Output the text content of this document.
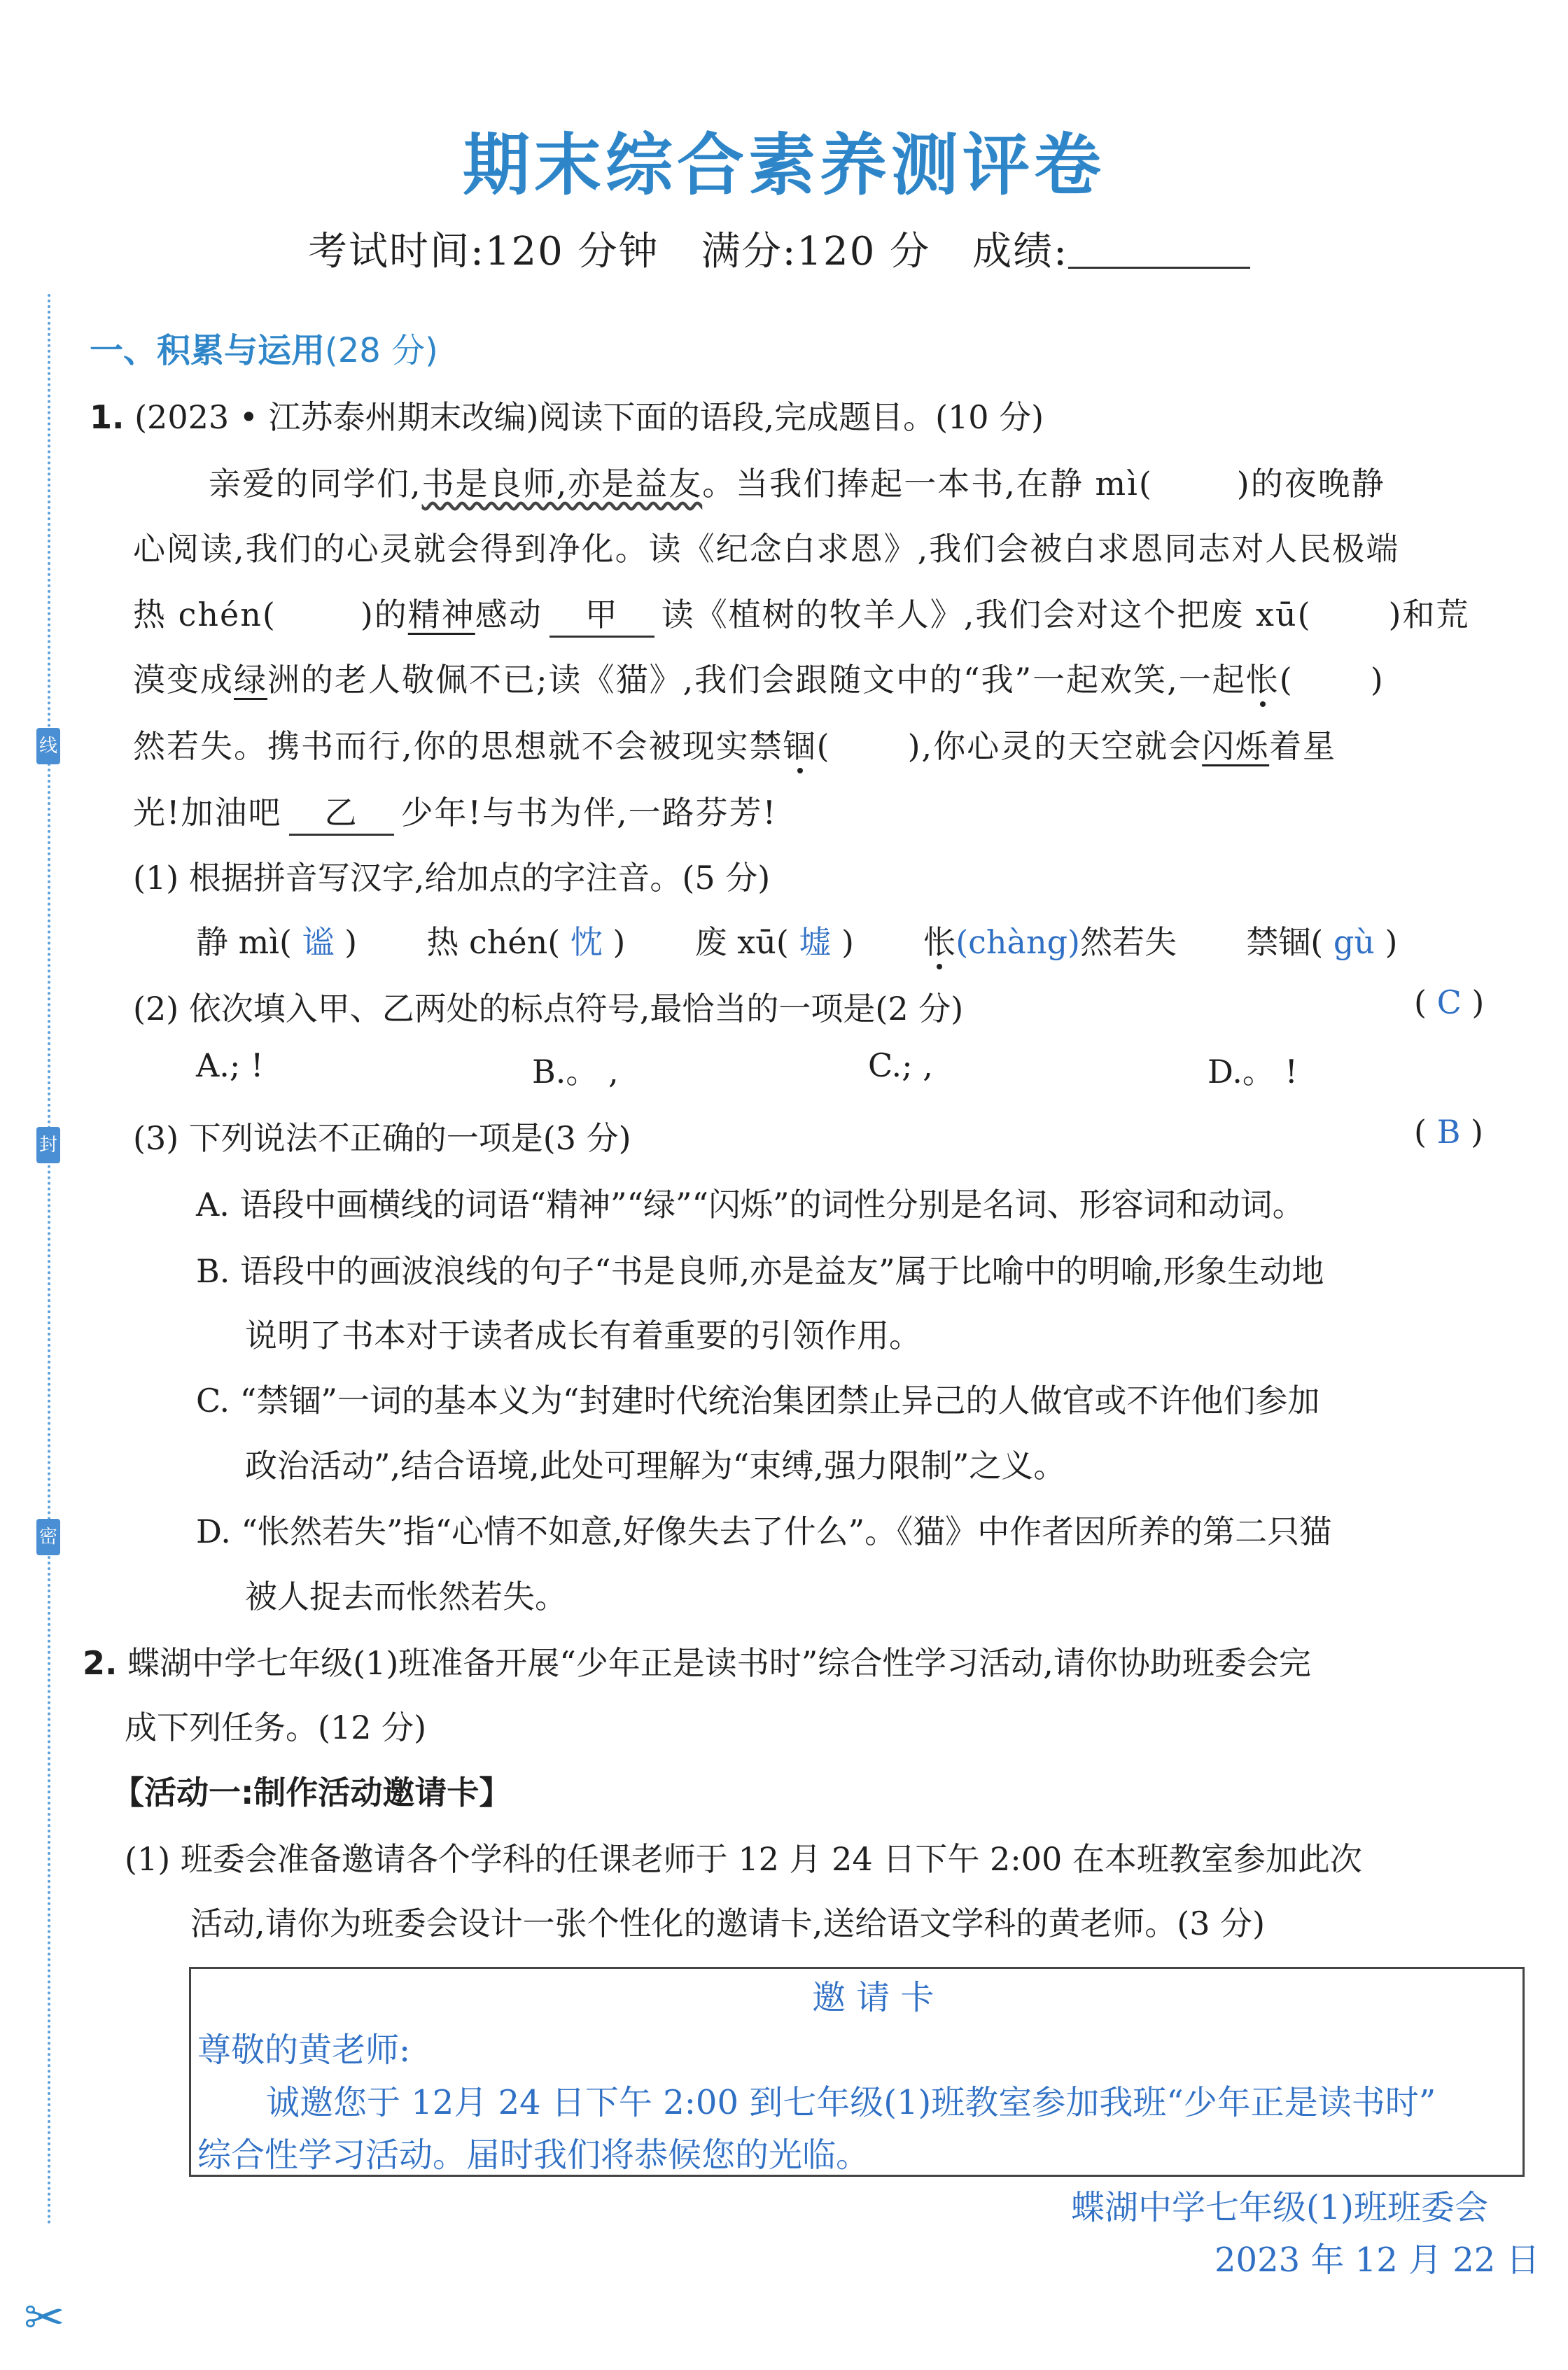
线
封
密
✂
期末综合素养测评卷
考试时间:120 分钟 满分:120 分 成绩:
一、积累与运用(28 分)
1. (2023 • 江苏泰州期末改编)阅读下面的语段,完成题目。(10 分)
亲爱的同学们,书是良师,亦是益友。当我们捧起一本书,在静 mì(	)的夜晚静
心阅读,我们的心灵就会得到净化。读《纪念白求恩》,我们会被白求恩同志对人民极端
热 chén(	)的精神感动 甲 读《植树的牧羊人》,我们会对这个把废 xū( )和荒
漠变成绿洲的老人敬佩不已;读《猫》,我们会跟随文中的“我”一起欢笑,一起怅( )
然若失。携书而行,你的思想就不会被现实禁锢( ),你心灵的天空就会闪烁着星
光!加油吧 乙 少年!与书为伴,一路芬芳!
(1) 根据拼音写汉字,给加点的字注音。(5 分)
静 mì( 谧 ) 热 chén( 忱 ) 废 xū( 墟 ) 怅(chàng)然若失 禁锢( gù )
(2) 依次填入甲、乙两处的标点符号,最恰当的一项是(2 分)	( C )
A.; !	B.。 ,	C.; ,	D.。 !
(3) 下列说法不正确的一项是(3 分)	( B )
A. 语段中画横线的词语“精神”“绿”“闪烁”的词性分别是名词、形容词和动词。
B. 语段中的画波浪线的句子“书是良师,亦是益友”属于比喻中的明喻,形象生动地
说明了书本对于读者成长有着重要的引领作用。
C. “禁锢”一词的基本义为“封建时代统治集团禁止异己的人做官或不许他们参加
政治活动”,结合语境,此处可理解为“束缚,强力限制”之义。
D. “怅然若失”指“心情不如意,好像失去了什么”。《猫》中作者因所养的第二只猫
被人捉去而怅然若失。
2. 蝶湖中学七年级(1)班准备开展“少年正是读书时”综合性学习活动,请你协助班委会完
成下列任务。(12 分)
【活动一:制作活动邀请卡】
(1) 班委会准备邀请各个学科的任课老师于 12 月 24 日下午 2:00 在本班教室参加此次
活动,请你为班委会设计一张个性化的邀请卡,送给语文学科的黄老师。(3 分)
邀 请 卡
尊敬的黄老师:
诚邀您于 12月 24 日下午 2:00 到七年级(1)班教室参加我班“少年正是读书时”
综合性学习活动。届时我们将恭候您的光临。
蝶湖中学七年级(1)班班委会
2023 年 12 月 22 日
